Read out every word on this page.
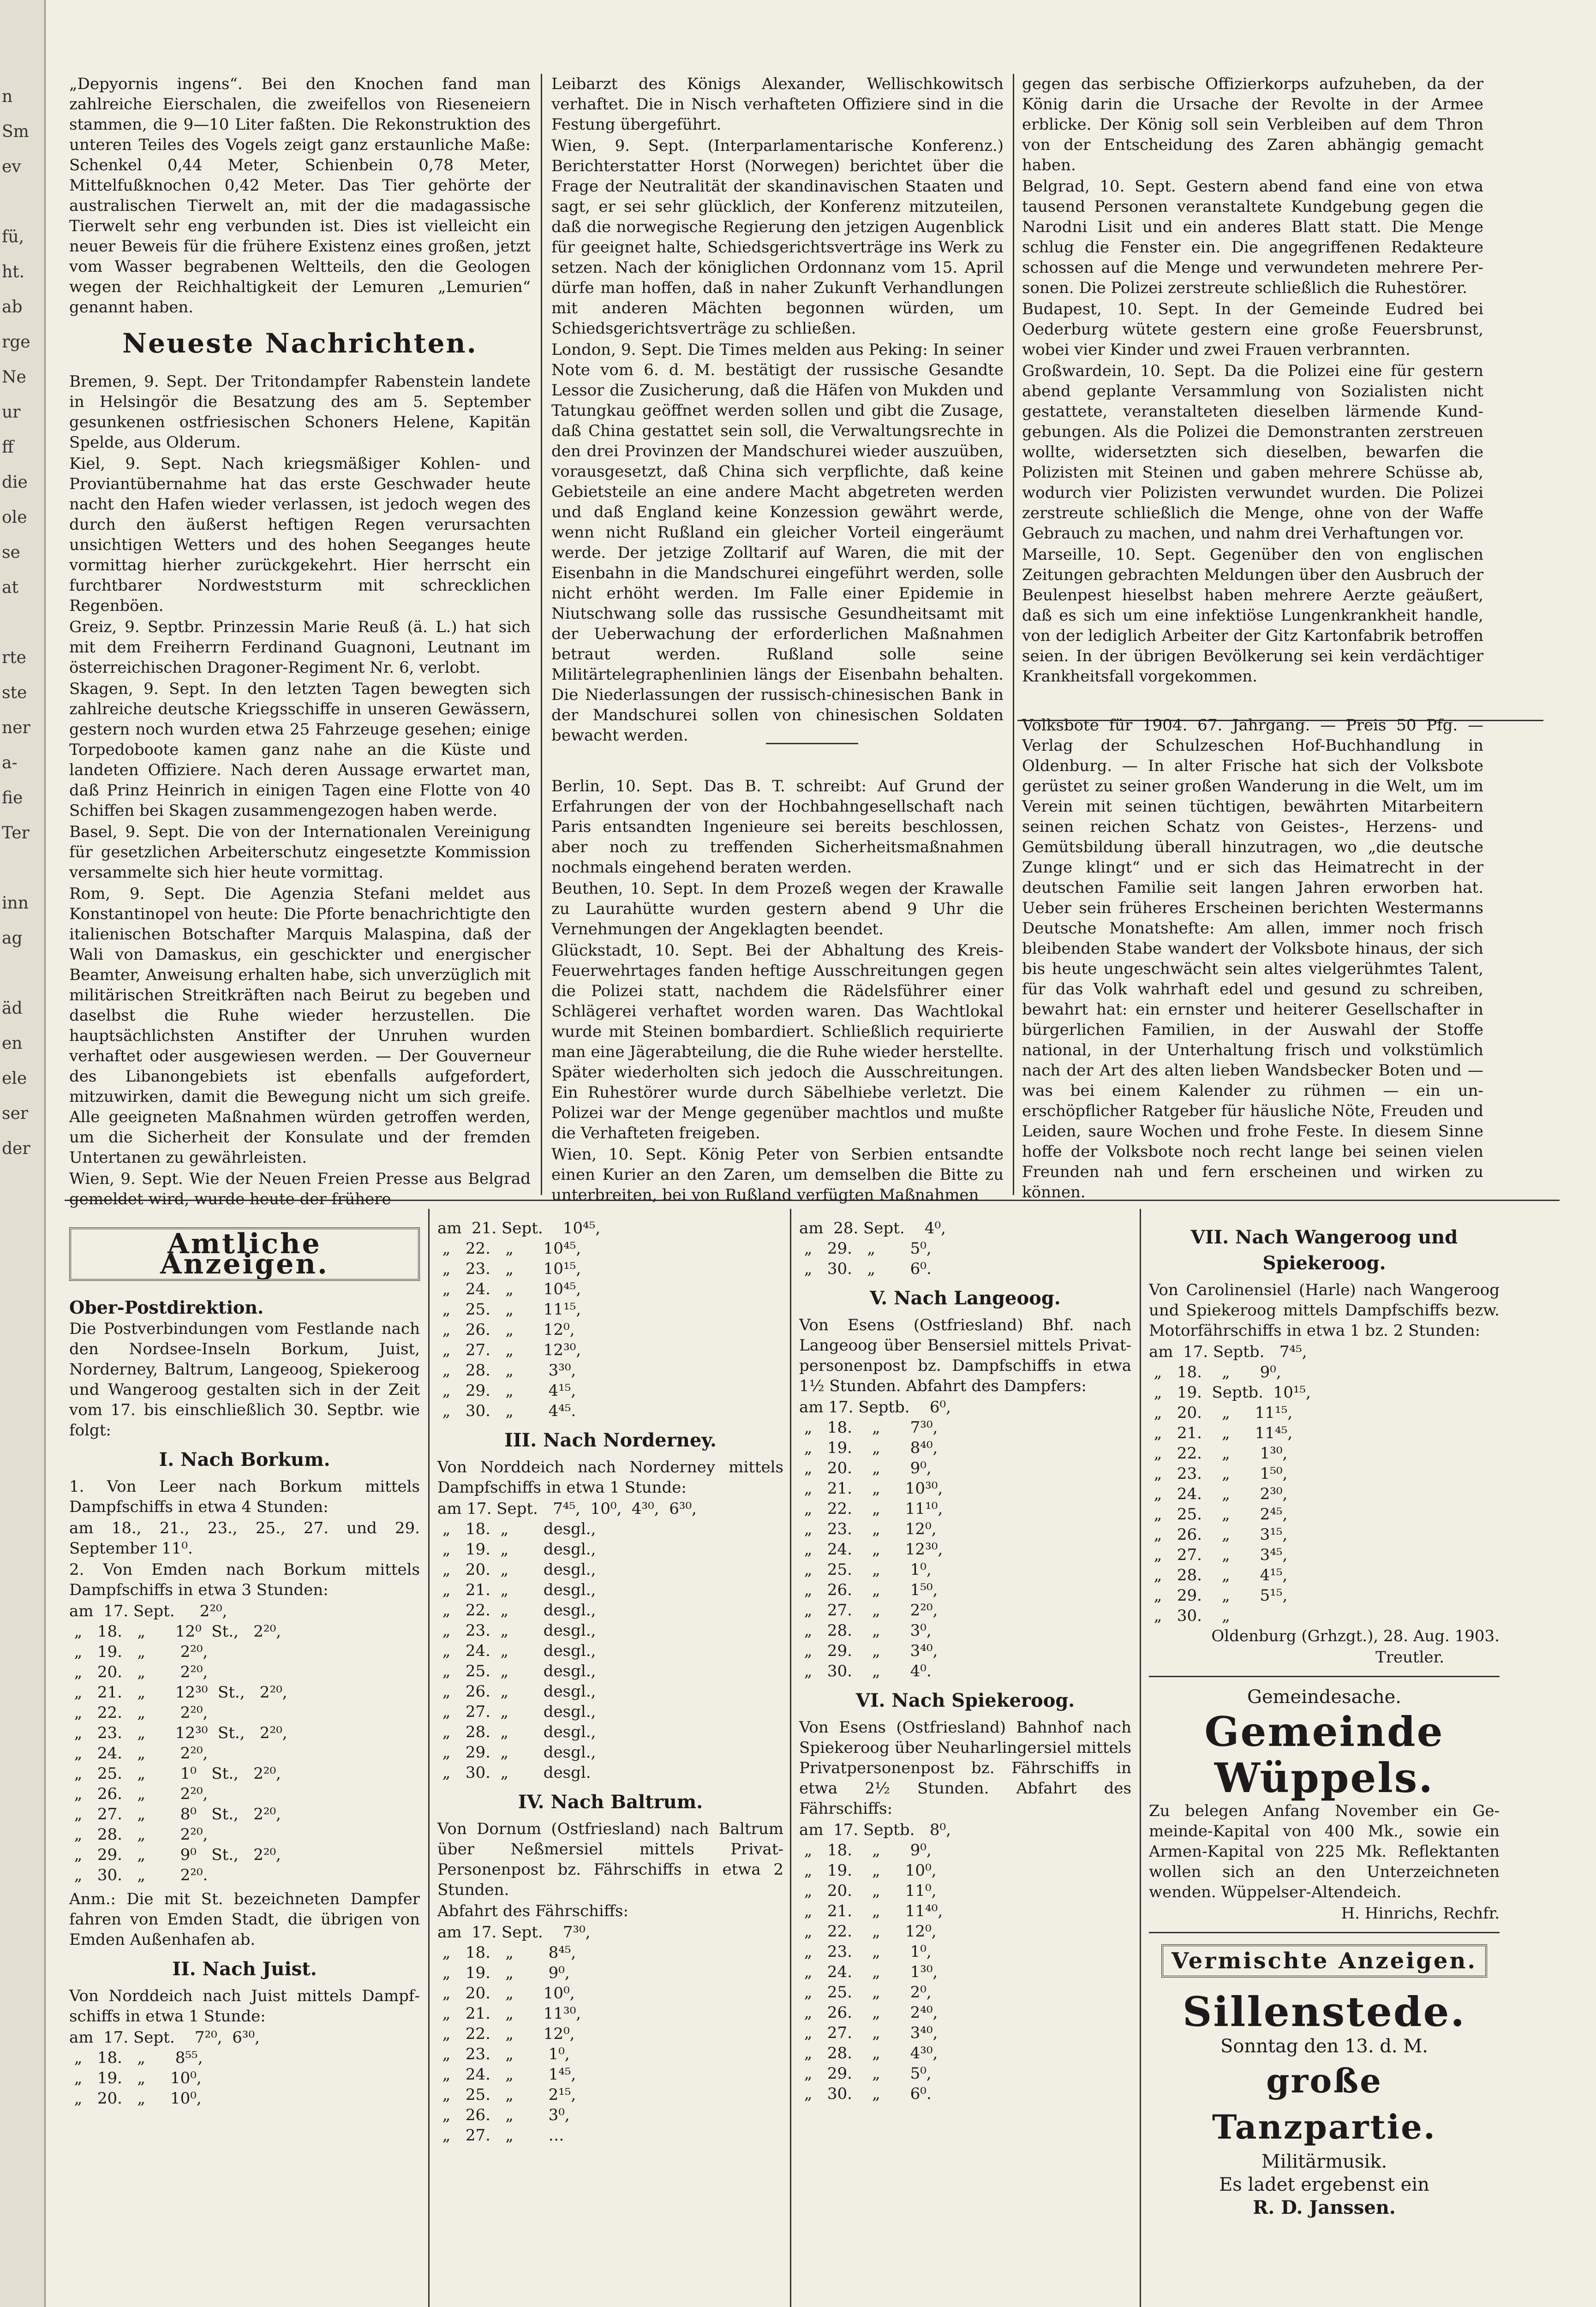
n
Sm
ev
fü,
ht.
ab
rge
Ne
ur
ff
die
ole
se
at
rte
ste
ner
a-
fie
Ter
inn
ag
äd
en
ele
ser
der

„Depyornis ingens“. Bei den Knochen fand man zahlreiche Eierschalen, die zweifellos von Rieseneiern stammen, die 9—10 Liter faßten. Die Rekonstruktion des unteren Teiles des Vogels zeigt ganz erstaunliche Maße: Schenkel 0,44 Meter, Schienbein 0,78 Meter, Mittelfußknochen 0,42 Meter. Das Tier gehörte der australischen Tierwelt an, mit der die madagassische Tierwelt sehr eng verbunden ist. Dies ist vielleicht ein neuer Beweis für die frühere Existenz eines großen, jetzt vom Wasser begrabenen Weltteils, den die Geologen wegen der Reichhaltigkeit der Lemuren „Lemurien“ genannt haben.

Neueste Nachrichten.

Bremen, 9. Sept. Der Tritondampfer Rabenstein landete in Helsingör die Besatzung des am 5. September gesunkenen ostfriesischen Schoners Helene, Kapitän Spelde, aus Olderum.

Kiel, 9. Sept. Nach kriegsmäßiger Kohlen- und Proviantübernahme hat das erste Geschwader heute nacht den Hafen wieder verlassen, ist jedoch wegen des durch den äußerst heftigen Regen verursachten unsichtigen Wetters und des hohen Seeganges heute vormittag hierher zurückgekehrt. Hier herrscht ein furchtbarer Nordweststurm mit schrecklichen Regenböen.

Greiz, 9. Septbr. Prinzessin Marie Reuß (ä. L.) hat sich mit dem Freiherrn Ferdinand Guagnoni, Leutnant im österreichischen Dragoner-Regiment Nr. 6, verlobt.

Skagen, 9. Sept. In den letzten Tagen bewegten sich zahlreiche deutsche Kriegsschiffe in unseren Gewässern, gestern noch wurden etwa 25 Fahrzeuge gesehen; einige Torpedoboote kamen ganz nahe an die Küste und landeten Offiziere. Nach deren Aussage erwartet man, daß Prinz Heinrich in einigen Tagen eine Flotte von 40 Schiffen bei Skagen zusammengezogen haben werde.

Basel, 9. Sept. Die von der Internationalen Vereinigung für gesetzlichen Arbeiterschutz eingesetzte Kommission versammelte sich hier heute vormittag.

Rom, 9. Sept. Die Agenzia Stefani meldet aus Konstantinopel von heute: Die Pforte benachrichtigte den italienischen Botschafter Marquis Malaspina, daß der Wali von Damaskus, ein geschickter und energischer Beamter, Anweisung erhalten habe, sich unverzüglich mit militärischen Streitkräften nach Beirut zu begeben und daselbst die Ruhe wieder herzustellen. Die hauptsächlichsten Anstifter der Unruhen wurden verhaftet oder ausgewiesen werden. — Der Gouverneur des Libanongebiets ist ebenfalls aufgefordert, mitzuwirken, damit die Bewegung nicht um sich greife. Alle geeigneten Maßnahmen würden getroffen werden, um die Sicherheit der Konsulate und der fremden Untertanen zu gewährleisten.

Wien, 9. Sept. Wie der Neuen Freien Presse aus Belgrad gemeldet wird, wurde heute der frühere

Leibarzt des Königs Alexander, Wellischkowitsch verhaftet. Die in Nisch verhafteten Offiziere sind in die Festung übergeführt.

Wien, 9. Sept. (Interparlamentarische Konferenz.) Berichterstatter Horst (Norwegen) berichtet über die Frage der Neutralität der skandinavischen Staaten und sagt, er sei sehr glücklich, der Konferenz mitzuteilen, daß die norwegische Regierung den jetzigen Augenblick für geeignet halte, Schiedsgerichtsverträge ins Werk zu setzen. Nach der königlichen Ordonnanz vom 15. April dürfe man hoffen, daß in naher Zukunft Verhandlungen mit anderen Mächten begonnen würden, um Schiedsgerichtsverträge zu schließen.

London, 9. Sept. Die Times melden aus Peking: In seiner Note vom 6. d. M. bestätigt der russische Gesandte Lessor die Zusicherung, daß die Häfen von Mukden und Tatungkau geöffnet werden sollen und gibt die Zusage, daß China gestattet sein soll, die Verwaltungsrechte in den drei Provinzen der Mandschurei wieder auszuüben, vorausgesetzt, daß China sich verpflichte, daß keine Gebietsteile an eine andere Macht abgetreten werden und daß England keine Konzession gewährt werde, wenn nicht Rußland ein gleicher Vorteil eingeräumt werde. Der jetzige Zolltarif auf Waren, die mit der Eisenbahn in die Mandschurei eingeführt werden, solle nicht erhöht werden. Im Falle einer Epidemie in Niutschwang solle das russische Gesundheitsamt mit der Ueberwachung der erforderlichen Maßnahmen betraut werden. Rußland solle seine Militärtelegraphenlinien längs der Eisenbahn behalten. Die Niederlassungen der russisch-chinesischen Bank in der Mandschurei sollen von chinesischen Soldaten bewacht werden.

Berlin, 10. Sept. Das B. T. schreibt: Auf Grund der Erfahrungen der von der Hochbahngesellschaft nach Paris entsandten Ingenieure sei bereits beschlossen, aber noch zu treffenden Sicherheitsmaßnahmen nochmals eingehend beraten werden.

Beuthen, 10. Sept. In dem Prozeß wegen der Krawalle zu Laurahütte wurden gestern abend 9 Uhr die Vernehmungen der Angeklagten beendet.

Glückstadt, 10. Sept. Bei der Abhaltung des Kreis-Feuerwehrtages fanden heftige Ausschreitungen gegen die Polizei statt, nachdem die Rädelsführer einer Schlägerei verhaftet worden waren. Das Wachtlokal wurde mit Steinen bombardiert. Schließlich requirierte man eine Jägerabteilung, die die Ruhe wieder herstellte. Später wiederholten sich jedoch die Ausschreitungen. Ein Ruhestörer wurde durch Säbelhiebe verletzt. Die Polizei war der Menge gegenüber machtlos und mußte die Verhafteten freigeben.

Wien, 10. Sept. König Peter von Serbien entsandte einen Kurier an den Zaren, um demselben die Bitte zu unterbreiten, bei von Rußland verfügten Maßnahmen

gegen das serbische Offizierkorps aufzuheben, da der König darin die Ursache der Revolte in der Armee erblicke. Der König soll sein Verbleiben auf dem Thron von der Entscheidung des Zaren abhängig gemacht haben.

Belgrad, 10. Sept. Gestern abend fand eine von etwa tausend Personen veranstaltete Kundgebung gegen die Narodni Lisit und ein anderes Blatt statt. Die Menge schlug die Fenster ein. Die angegriffenen Redakteure schossen auf die Menge und verwundeten mehrere Personen. Die Polizei zerstreute schließlich die Ruhestörer.

Budapest, 10. Sept. In der Gemeinde Eudred bei Oederburg wütete gestern eine große Feuersbrunst, wobei vier Kinder und zwei Frauen verbrannten.

Großwardein, 10. Sept. Da die Polizei eine für gestern abend geplante Versammlung von Sozialisten nicht gestattete, veranstalteten dieselben lärmende Kundgebungen. Als die Polizei die Demonstranten zerstreuen wollte, widersetzten sich dieselben, bewarfen die Polizisten mit Steinen und gaben mehrere Schüsse ab, wodurch vier Polizisten verwundet wurden. Die Polizei zerstreute schließlich die Menge, ohne von der Waffe Gebrauch zu machen, und nahm drei Verhaftungen vor.

Marseille, 10. Sept. Gegenüber den von englischen Zeitungen gebrachten Meldungen über den Ausbruch der Beulenpest hieselbst haben mehrere Aerzte geäußert, daß es sich um eine infektiöse Lungenkrankheit handle, von der lediglich Arbeiter der Gitz Kartonfabrik betroffen seien. In der übrigen Bevölkerung sei kein verdächtiger Krankheitsfall vorgekommen.

Volksbote für 1904. 67. Jahrgang. — Preis 50 Pfg. — Verlag der Schulzeschen Hof-Buchhandlung in Oldenburg. — In alter Frische hat sich der Volksbote gerüstet zu seiner großen Wanderung in die Welt, um im Verein mit seinen tüchtigen, bewährten Mitarbeitern seinen reichen Schatz von Geistes-, Herzens- und Gemütsbildung überall hinzutragen, wo „die deutsche Zunge klingt“ und er sich das Heimatrecht in der deutschen Familie seit langen Jahren erworben hat. Ueber sein früheres Erscheinen berichten Westermanns Deutsche Monatshefte: Am allen, immer noch frisch bleibenden Stabe wandert der Volksbote hinaus, der sich bis heute ungeschwächt sein altes vielgerühmtes Talent, für das Volk wahrhaft edel und gesund zu schreiben, bewahrt hat: ein ernster und heiterer Gesellschafter in bürgerlichen Familien, in der Auswahl der Stoffe national, in der Unterhaltung frisch und volkstümlich nach der Art des alten lieben Wandsbecker Boten und — was bei einem Kalender zu rühmen — ein unerschöpflicher Ratgeber für häusliche Nöte, Freuden und Leiden, saure Wochen und frohe Feste. In diesem Sinne hoffe der Volksbote noch recht lange bei seinen vielen Freunden nah und fern erscheinen und wirken zu können.

Amtliche Anzeigen.

Ober-Postdirektion.

Die Postverbindungen vom Festlande nach den Nordsee-Inseln Borkum, Juist, Norderney, Baltrum, Langeoog, Spiekeroog und Wangeroog gestalten sich in der Zeit vom 17. bis einschließlich 30. Septbr. wie folgt:

I. Nach Borkum.

1. Von Leer nach Borkum mittels Dampfschiffs in etwa 4 Stunden:

am 18., 21., 23., 25., 27. und 29. September 11⁰.

2. Von Emden nach Borkum mittels Dampfschiffs in etwa 3 Stunden:

am  17. Sept.     2²⁰,
„   18.   „      12⁰  St.,   2²⁰,
„   19.   „       2²⁰,
„   20.   „       2²⁰,
„   21.   „      12³⁰  St.,   2²⁰,
„   22.   „       2²⁰,
„   23.   „      12³⁰  St.,   2²⁰,
„   24.   „       2²⁰,
„   25.   „       1⁰   St.,   2²⁰,
„   26.   „       2²⁰,
„   27.   „       8⁰   St.,   2²⁰,
„   28.   „       2²⁰,
„   29.   „       9⁰   St.,   2²⁰,
„   30.   „       2²⁰.

Anm.: Die mit St. bezeichneten Dampfer fahren von Emden Stadt, die übrigen von Emden Außenhafen ab.

II. Nach Juist.

Von Norddeich nach Juist mittels Dampfschiffs in etwa 1 Stunde:

am  17. Sept.    7²⁰,  6³⁰,
„   18.   „      8⁵⁵,
„   19.   „     10⁰,
„   20.   „     10⁰,
am  21. Sept.    10⁴⁵,
„   22.   „      10⁴⁵,
„   23.   „      10¹⁵,
„   24.   „      10⁴⁵,
„   25.   „      11¹⁵,
„   26.   „      12⁰,
„   27.   „      12³⁰,
„   28.   „       3³⁰,
„   29.   „       4¹⁵,
„   30.   „       4⁴⁵.
III. Nach Norderney.

Von Norddeich nach Norderney mittels Dampfschiffs in etwa 1 Stunde:

am 17. Sept.   7⁴⁵,  10⁰,  4³⁰,  6³⁰,
„   18.  „       desgl.,
„   19.  „       desgl.,
„   20.  „       desgl.,
„   21.  „       desgl.,
„   22.  „       desgl.,
„   23.  „       desgl.,
„   24.  „       desgl.,
„   25.  „       desgl.,
„   26.  „       desgl.,
„   27.  „       desgl.,
„   28.  „       desgl.,
„   29.  „       desgl.,
„   30.  „       desgl.
IV. Nach Baltrum.

Von Dornum (Ostfriesland) nach Baltrum über Neßmersiel mittels PrivatPersonenpost bz. Fährschiffs in etwa 2 Stunden.

Abfahrt des Fährschiffs:

am  17. Sept.    7³⁰,
„   18.   „       8⁴⁵,
„   19.   „       9⁰,
„   20.   „      10⁰,
„   21.   „      11³⁰,
„   22.   „      12⁰,
„   23.   „       1⁰,
„   24.   „       1⁴⁵,
„   25.   „       2¹⁵,
„   26.   „       3⁰,
„   27.   „       …
am  28. Sept.    4⁰,
„   29.   „       5⁰,
„   30.   „       6⁰.
V. Nach Langeoog.

Von Esens (Ostfriesland) Bhf. nach Langeoog über Bensersiel mittels Privatpersonenpost bz. Dampfschiffs in etwa 1½ Stunden. Abfahrt des Dampfers:

am 17. Septb.    6⁰,
„   18.    „      7³⁰,
„   19.    „      8⁴⁰,
„   20.    „      9⁰,
„   21.    „     10³⁰,
„   22.    „     11¹⁰,
„   23.    „     12⁰,
„   24.    „     12³⁰,
„   25.    „      1⁰,
„   26.    „      1⁵⁰,
„   27.    „      2²⁰,
„   28.    „      3⁰,
„   29.    „      3⁴⁰,
„   30.    „      4⁰.
VI. Nach Spiekeroog.

Von Esens (Ostfriesland) Bahnhof nach Spiekeroog über Neuharlingersiel mittels Privatpersonenpost bz. Fährschiffs in etwa 2½ Stunden. Abfahrt des Fährschiffs:

am  17. Septb.   8⁰,
„   18.    „      9⁰,
„   19.    „     10⁰,
„   20.    „     11⁰,
„   21.    „     11⁴⁰,
„   22.    „     12⁰,
„   23.    „      1⁰,
„   24.    „      1³⁰,
„   25.    „      2⁰,
„   26.    „      2⁴⁰,
„   27.    „      3⁴⁰,
„   28.    „      4³⁰,
„   29.    „      5⁰,
„   30.    „      6⁰.
VII. Nach Wangeroog und Spiekeroog.

Von Carolinensiel (Harle) nach Wangeroog und Spiekeroog mittels Dampfschiffs bezw. Motorfährschiffs in etwa 1 bz. 2 Stunden:

am  17. Septb.   7⁴⁵,
„   18.    „      9⁰,
„   19.  Septb.  10¹⁵,
„   20.    „     11¹⁵,
„   21.    „     11⁴⁵,
„   22.    „      1³⁰,
„   23.    „      1⁵⁰,
„   24.    „      2³⁰,
„   25.    „      2⁴⁵,
„   26.    „      3¹⁵,
„   27.    „      3⁴⁵,
„   28.    „      4¹⁵,
„   29.    „      5¹⁵,
„   30.    „

Oldenburg (Grhzgt.), 28. Aug. 1903.

Treutler.

Gemeindesache.
Gemeinde Wüppels.

Zu belegen Anfang November ein Gemeinde-Kapital von 400 Mk., sowie ein Armen-Kapital von 225 Mk. Reflektanten wollen sich an den Unterzeichneten wenden. Wüppelser-Altendeich.

H. Hinrichs, Rechfr.

Vermischte Anzeigen.
Sillenstede.
Sonntag den 13. d. M.
große Tanzpartie.
Militärmusik.
Es ladet ergebenst ein
R. D. Janssen.
